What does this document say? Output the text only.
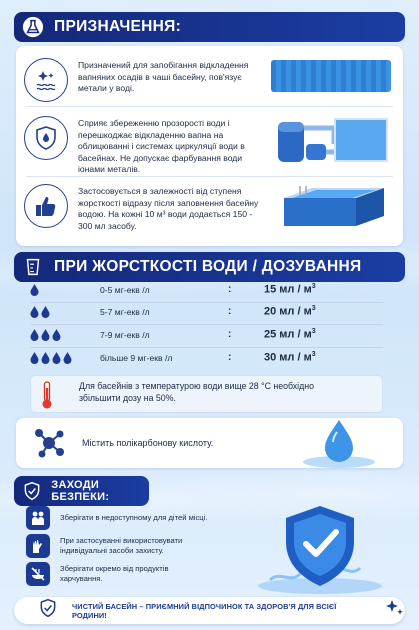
ПРИЗНАЧЕННЯ:
Призначений для запобігання відкладення вапняних осадів в чаші басейну, пов'язує метали у воді.
Сприяє збереженню прозорості води і перешкоджає відкладенню вапна на облицюванні і системах циркуляції води в басейнах. Не допускає фарбування води іонами металів.
Застосовується в залежності від ступеня жорсткості відразу після заповнення басейну водою. На кожні 10 м³ води додається 150 - 300 мл засобу.
ПРИ ЖОРСТКОСТІ ВОДИ / ДОЗУВАННЯ
0-5 мг-екв /л	:	15 мл / $м^3$
5-7 мг-екв /л	:	20 мл / $м^3$
7-9 мг-екв /л	:	25 мл / $м^3$
більше 9 мг-екв /л	:	30 мл / $м^3$
Для басейнів з температурою води вище 28 °С необхідно збільшити дозу на 50%.
Містить полікарбонову кислоту.
ЗАХОДИ БЕЗПЕКИ:
Зберігати в недоступному для дітей місці.
При застосуванні використовувати індивідуальні засоби захисту.
Зберігати окремо від продуктів харчування.
ЧИСТИЙ БАСЕЙН – ПРИЄМНИЙ ВІДПОЧИНОК ТА ЗДОРОВ'Я ДЛЯ ВСІЄЇ РОДИНИ!
